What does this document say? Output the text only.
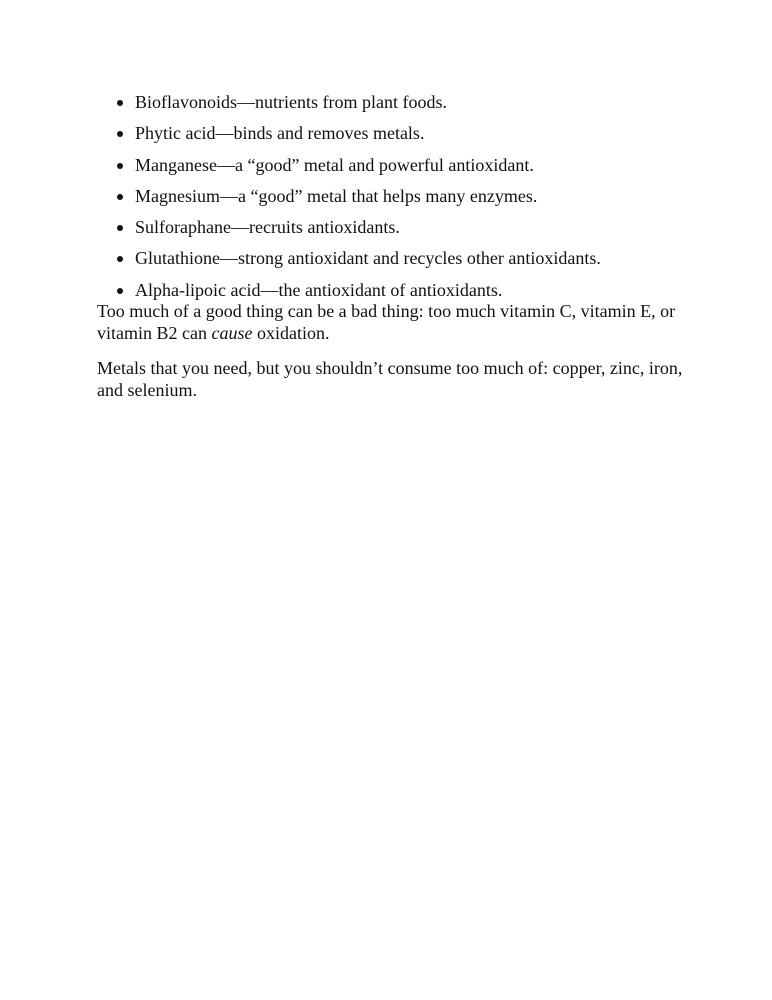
Bioflavonoids—nutrients from plant foods.
Phytic acid—binds and removes metals.
Manganese—a “good” metal and powerful antioxidant.
Magnesium—a “good” metal that helps many enzymes.
Sulforaphane—recruits antioxidants.
Glutathione—strong antioxidant and recycles other antioxidants.
Alpha-lipoic acid—the antioxidant of antioxidants.

Too much of a good thing can be a bad thing: too much vitamin C, vitamin E, or vitamin B2 can cause oxidation.

Metals that you need, but you shouldn’t consume too much of: copper, zinc, iron, and selenium.
